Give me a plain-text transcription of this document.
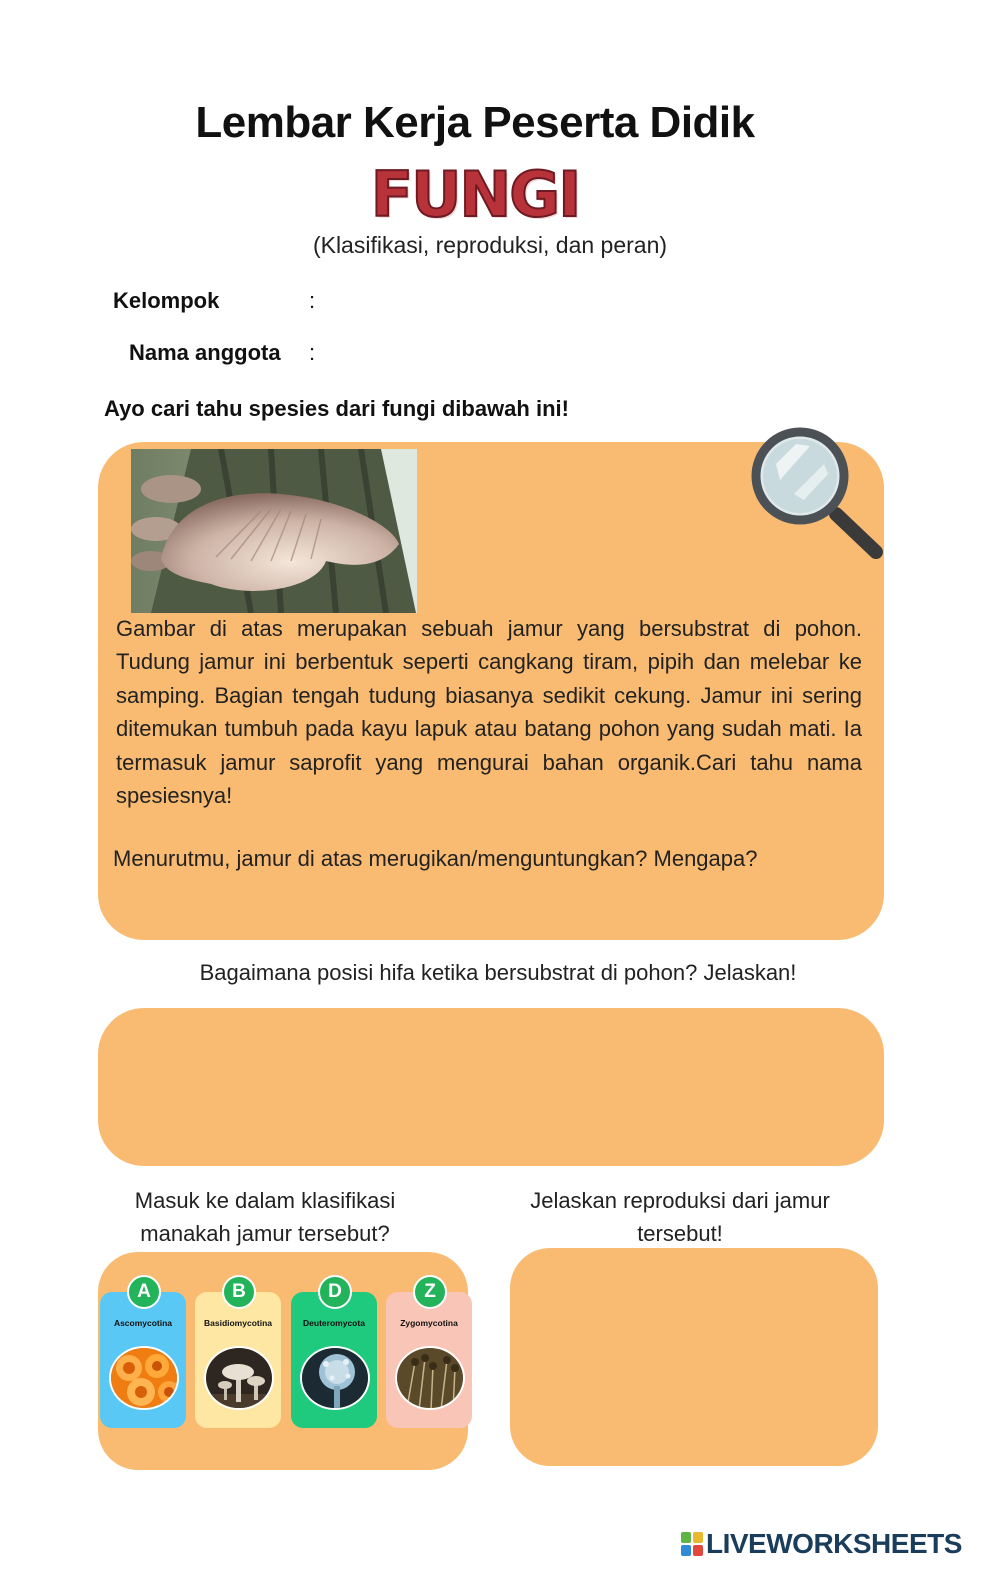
Lembar Kerja Peserta Didik
FUNGI
(Klasifikasi, reproduksi, dan peran)
Kelompok	:
Nama anggota :
Ayo cari tahu spesies dari fungi dibawah ini!
Gambar di atas merupakan sebuah jamur yang bersubstrat di pohon. Tudung jamur ini berbentuk seperti cangkang tiram, pipih dan melebar ke samping. Bagian tengah tudung biasanya sedikit cekung. Jamur ini sering ditemukan tumbuh pada kayu lapuk atau batang pohon yang sudah mati. Ia termasuk jamur saprofit yang mengurai bahan organik.Cari tahu nama spesiesnya!
Menurutmu, jamur di atas merugikan/menguntungkan? Mengapa?
Bagaimana posisi hifa ketika bersubstrat di pohon? Jelaskan!
Masuk ke dalam klasifikasi manakah jamur tersebut?
Jelaskan reproduksi dari jamur tersebut!
A
Ascomycotina
B
Basidiomycotina
D
Deuteromycota
Z
Zygomycotina
LIVEWORKSHEETS
